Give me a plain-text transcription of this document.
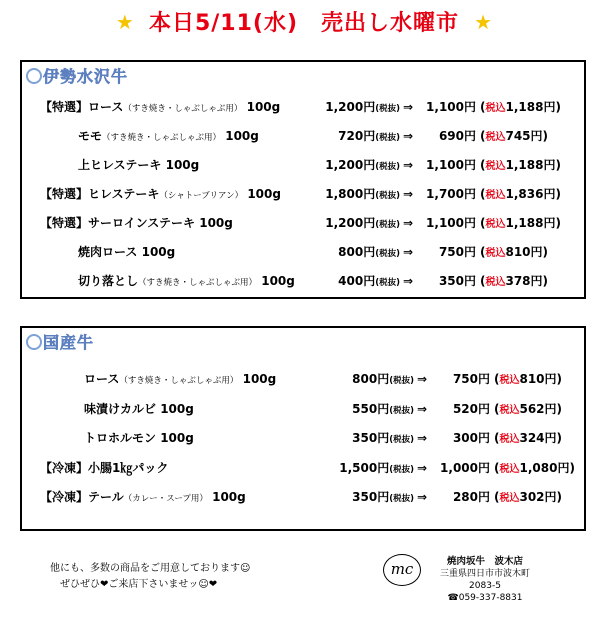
★ 本日5/11(水)　売出し水曜市 ★
伊勢水沢牛
国産牛
【特選】ロース（すき焼き・しゃぶしゃぶ用） 100g	1,200円(税抜) ⇒	1,100円 (税込1,188円)
モモ（すき焼き・しゃぶしゃぶ用） 100g	720円(税抜) ⇒	690円 (税込745円)
上ヒレステーキ 100g	1,200円(税抜) ⇒	1,100円 (税込1,188円)
【特選】ヒレステーキ（シャトーブリアン） 100g	1,800円(税抜) ⇒	1,700円 (税込1,836円)
【特選】サーロインステーキ 100g	1,200円(税抜) ⇒	1,100円 (税込1,188円)
焼肉ロース 100g	800円(税抜) ⇒	750円 (税込810円)
切り落とし（すき焼き・しゃぶしゃぶ用） 100g	400円(税抜) ⇒	350円 (税込378円)
ロース（すき焼き・しゃぶしゃぶ用） 100g	800円(税抜) ⇒	750円 (税込810円)
味漬けカルビ 100g	550円(税抜) ⇒	520円 (税込562円)
トロホルモン 100g	350円(税抜) ⇒	300円 (税込324円)
【冷凍】小腸1㎏パック	1,500円(税抜) ⇒	1,000円 (税込1,080円)
【冷凍】テール（カレー・スープ用） 100g	350円(税抜) ⇒	280円 (税込302円)
他にも、多数の商品をご用意しております☺
ぜひぜひ❤ご来店下さいませッ☺❤
mc	焼肉坂牛　波木店
三重県四日市市波木町
2083-5
☎059-337-8831
